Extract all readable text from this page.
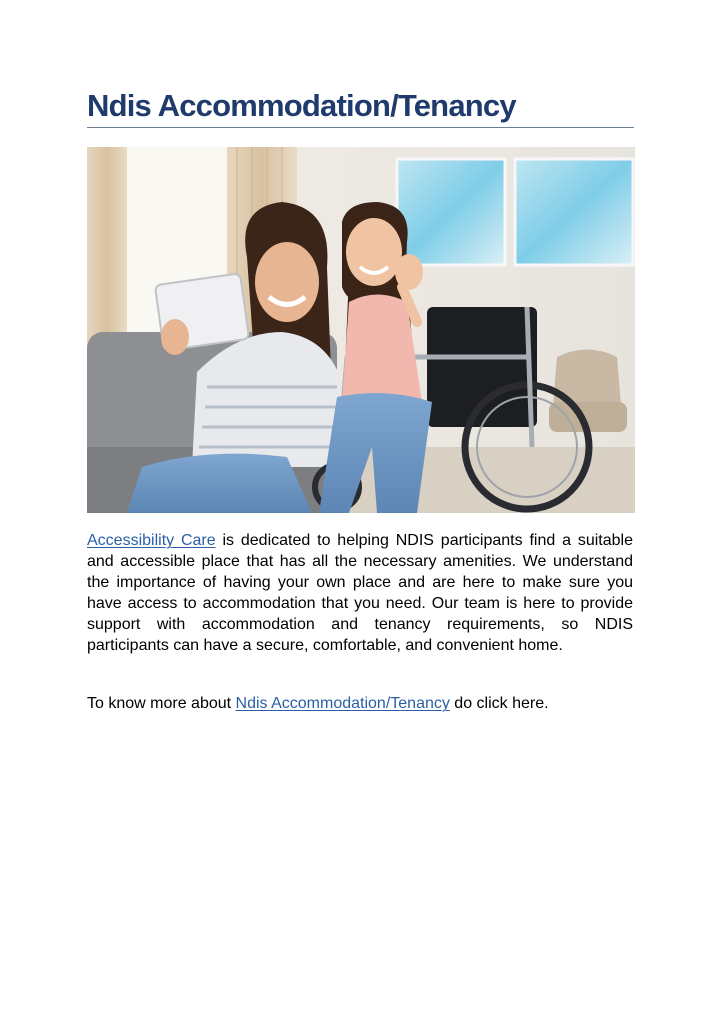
Ndis Accommodation/Tenancy

Accessibility Care is dedicated to helping NDIS participants find a suitable and accessible place that has all the necessary amenities. We understand the importance of having your own place and are here to make sure you have access to accommodation that you need. Our team is here to provide support with accommodation and tenancy requirements, so NDIS participants can have a secure, comfortable, and convenient home.

To know more about Ndis Accommodation/Tenancy do click here.
